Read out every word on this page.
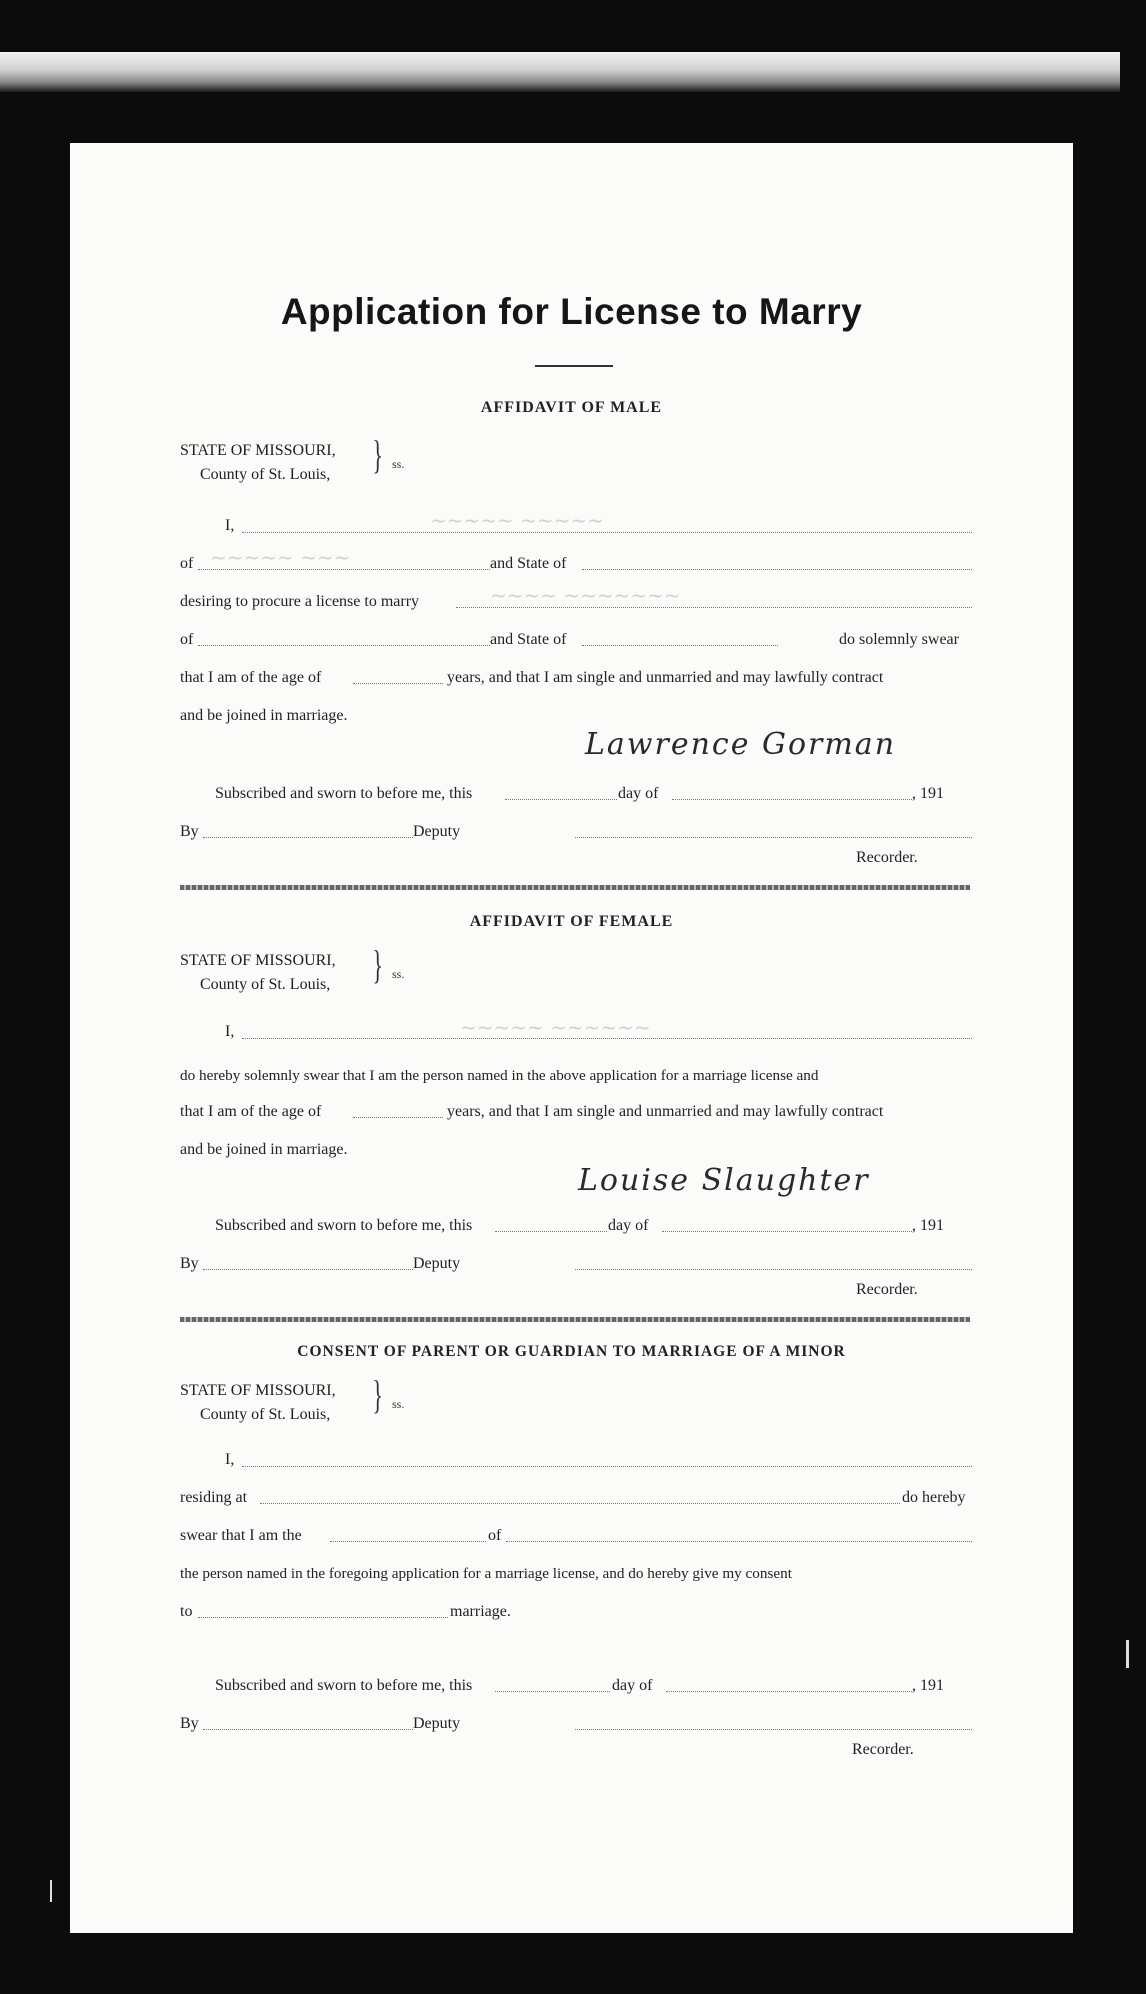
Application for License to Marry
AFFIDAVIT OF MALE
STATE OF MISSOURI,
County of St. Louis, } ss.
I,	~~~~~ ~~~~~
of ~~~~~ ~~~	and State of
desiring to procure a license to marry	~~~~ ~~~~~~~
of	and State of	do solemnly swear
that I am of the age of	years, and that I am single and unmarried and may lawfully contract
and be joined in marriage.
Lawrence Gorman
Subscribed and sworn to before me, this	day of	, 191
By	Deputy
Recorder.
AFFIDAVIT OF FEMALE
STATE OF MISSOURI,
County of St. Louis, } ss.
I,	~~~~~ ~~~~~~
do hereby solemnly swear that I am the person named in the above application for a marriage license and
that I am of the age of	years, and that I am single and unmarried and may lawfully contract
and be joined in marriage.
Louise Slaughter
Subscribed and sworn to before me, this	day of	, 191
By	Deputy
Recorder.
CONSENT OF PARENT OR GUARDIAN TO MARRIAGE OF A MINOR
STATE OF MISSOURI,
County of St. Louis, } ss.
I,
residing at	do hereby
swear that I am the	of
the person named in the foregoing application for a marriage license, and do hereby give my consent
to	marriage.
Subscribed and sworn to before me, this	day of	, 191
By	Deputy
Recorder.
